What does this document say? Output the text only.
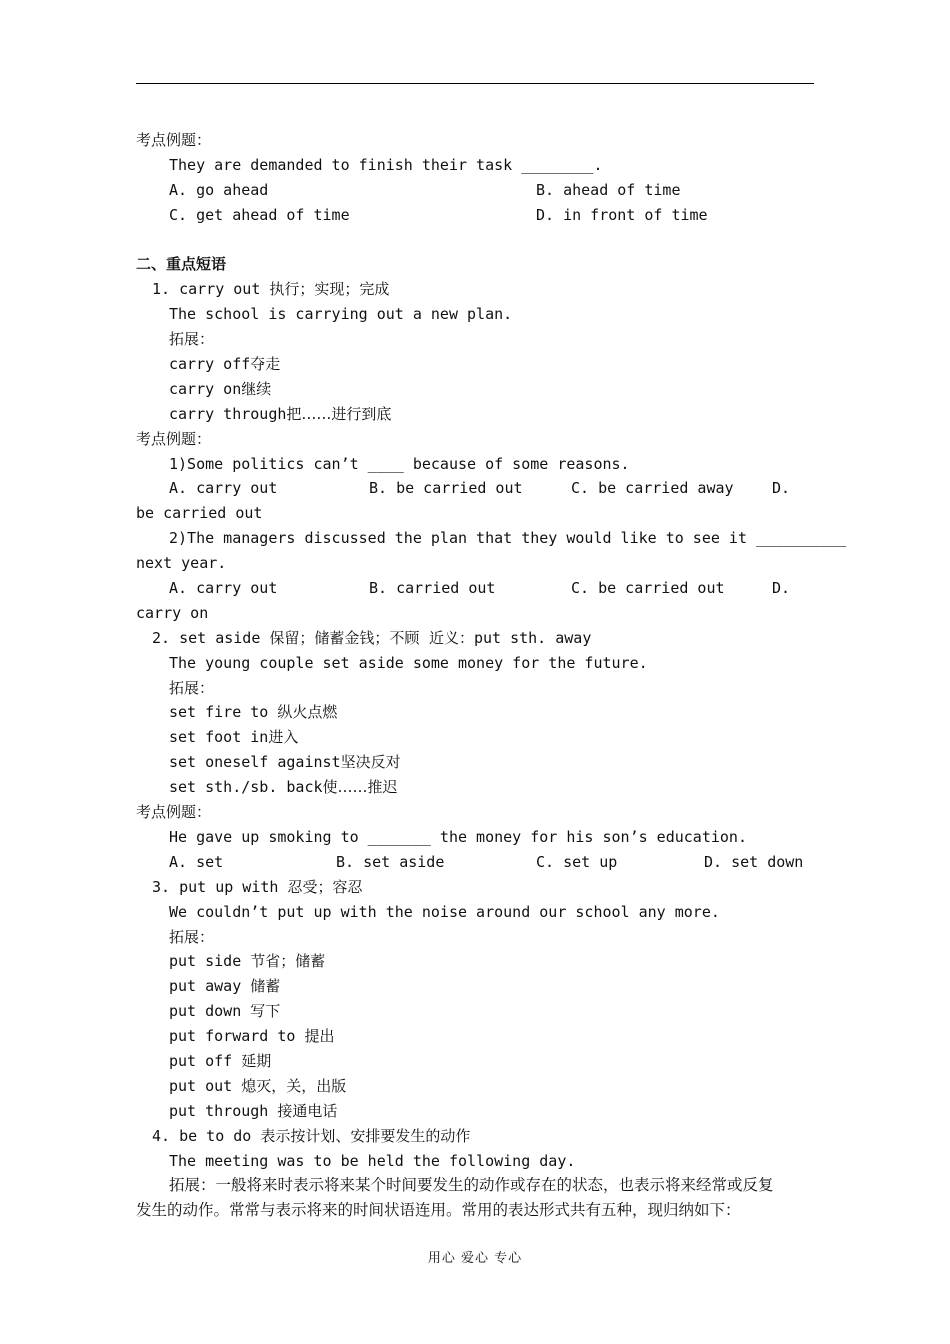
考点例题：
They are demanded to finish their task ________.

A. go ahead

	B. ahead of time

C. get ahead of time

	D. in front of time

二、重点短语
1. carry out 执行；实现；完成
The school is carrying out a new plan.
拓展：
carry off夺走
carry on继续
carry through把……进行到底
考点例题：
1)Some politics can’t ____ because of some reasons.

A. carry out

	B. be carried out

	C. be carried away

	D.

be carried out
2)The managers discussed the plan that they would like to see it __________
next year.

A. carry out

	B. carried out

	C. be carried out

	D.

carry on
2. set aside 保留；储蓄金钱；不顾  近义：put sth. away
The young couple set aside some money for the future.
拓展：
set fire to 纵火点燃
set foot in进入
set oneself against坚决反对
set sth./sb. back使……推迟
考点例题：
He gave up smoking to _______ the money for his son’s education.

A. set

	B. set aside

	C. set up

	D. set down

3. put up with 忍受；容忍
We couldn’t put up with the noise around our school any more.
拓展：
put side 节省；储蓄
put away 储蓄
put down 写下
put forward to 提出
put off 延期
put out 熄灭，关，出版
put through 接通电话
4. be to do 表示按计划、安排要发生的动作
The meeting was to be held the following day.
拓展：一般将来时表示将来某个时间要发生的动作或存在的状态，也表示将来经常或反复
发生的动作。常常与表示将来的时间状语连用。常用的表达形式共有五种，现归纳如下：
用心 爱心 专心
